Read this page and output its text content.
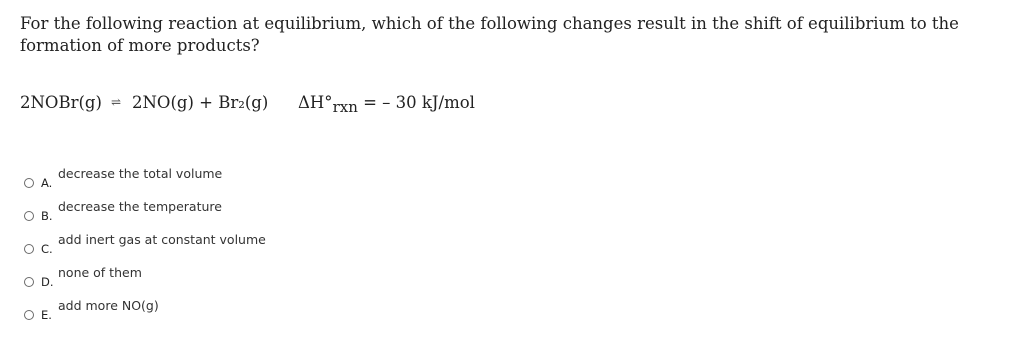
For the following reaction at equilibrium, which of the following changes result in the shift of equilibrium to the formation of more products?

2NOBr(g) ⇌ 2NO(g) + Br₂(g) ΔH°rxn = – 30 kJ/mol
A.
decrease the total volume
B.
decrease the temperature
C.
add inert gas at constant volume
D.
none of them
E.
add more NO(g)
